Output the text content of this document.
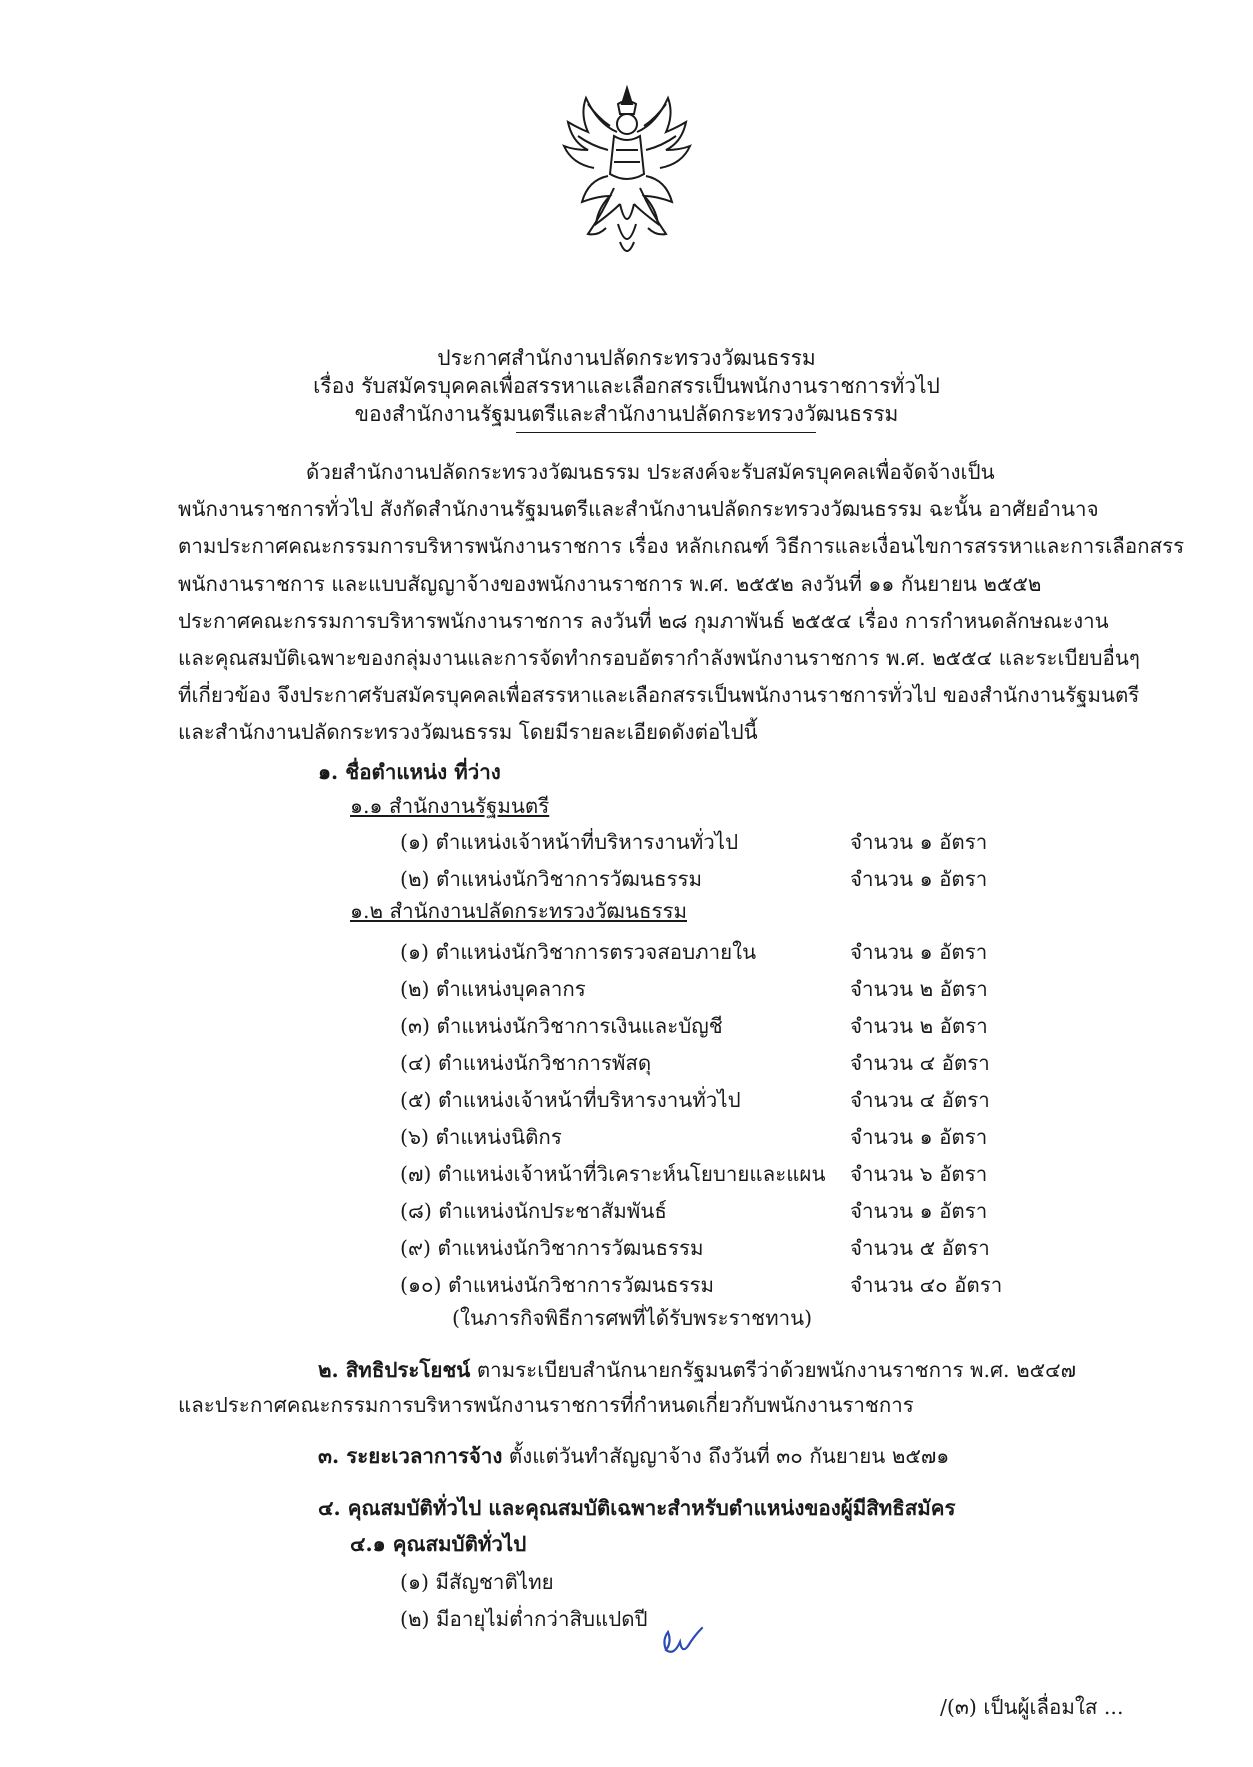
ประกาศสำนักงานปลัดกระทรวงวัฒนธรรม
เรื่อง รับสมัครบุคคลเพื่อสรรหาและเลือกสรรเป็นพนักงานราชการทั่วไป
ของสำนักงานรัฐมนตรีและสำนักงานปลัดกระทรวงวัฒนธรรม
ด้วยสำนักงานปลัดกระทรวงวัฒนธรรม ประสงค์จะรับสมัครบุคคลเพื่อจัดจ้างเป็น
พนักงานราชการทั่วไป สังกัดสำนักงานรัฐมนตรีและสำนักงานปลัดกระทรวงวัฒนธรรม ฉะนั้น อาศัยอำนาจ
ตามประกาศคณะกรรมการบริหารพนักงานราชการ เรื่อง หลักเกณฑ์ วิธีการและเงื่อนไขการสรรหาและการเลือกสรร
พนักงานราชการ และแบบสัญญาจ้างของพนักงานราชการ พ.ศ. ๒๕๕๒ ลงวันที่ ๑๑ กันยายน ๒๕๕๒
ประกาศคณะกรรมการบริหารพนักงานราชการ ลงวันที่ ๒๘ กุมภาพันธ์ ๒๕๕๔ เรื่อง การกำหนดลักษณะงาน
และคุณสมบัติเฉพาะของกลุ่มงานและการจัดทำกรอบอัตรากำลังพนักงานราชการ พ.ศ. ๒๕๕๔ และระเบียบอื่นๆ
ที่เกี่ยวข้อง จึงประกาศรับสมัครบุคคลเพื่อสรรหาและเลือกสรรเป็นพนักงานราชการทั่วไป ของสำนักงานรัฐมนตรี
และสำนักงานปลัดกระทรวงวัฒนธรรม โดยมีรายละเอียดดังต่อไปนี้
๑. ชื่อตำแหน่ง ที่ว่าง
๑.๑ สำนักงานรัฐมนตรี
(๑) ตำแหน่งเจ้าหน้าที่บริหารงานทั่วไป	จำนวน ๑ อัตรา
(๒) ตำแหน่งนักวิชาการวัฒนธรรม	จำนวน ๑ อัตรา
๑.๒ สำนักงานปลัดกระทรวงวัฒนธรรม
(๑) ตำแหน่งนักวิชาการตรวจสอบภายใน	จำนวน ๑ อัตรา
(๒) ตำแหน่งบุคลากร	จำนวน ๒ อัตรา
(๓) ตำแหน่งนักวิชาการเงินและบัญชี	จำนวน ๒ อัตรา
(๔) ตำแหน่งนักวิชาการพัสดุ	จำนวน ๔ อัตรา
(๕) ตำแหน่งเจ้าหน้าที่บริหารงานทั่วไป	จำนวน ๔ อัตรา
(๖) ตำแหน่งนิติกร	จำนวน ๑ อัตรา
(๗) ตำแหน่งเจ้าหน้าที่วิเคราะห์นโยบายและแผน จำนวน ๖ อัตรา
(๘) ตำแหน่งนักประชาสัมพันธ์	จำนวน ๑ อัตรา
(๙) ตำแหน่งนักวิชาการวัฒนธรรม	จำนวน ๕ อัตรา
(๑๐) ตำแหน่งนักวิชาการวัฒนธรรม	จำนวน ๔๐ อัตรา
(ในภารกิจพิธีการศพที่ได้รับพระราชทาน)
๒. สิทธิประโยชน์ ตามระเบียบสำนักนายกรัฐมนตรีว่าด้วยพนักงานราชการ พ.ศ. ๒๕๔๗
และประกาศคณะกรรมการบริหารพนักงานราชการที่กำหนดเกี่ยวกับพนักงานราชการ
๓. ระยะเวลาการจ้าง ตั้งแต่วันทำสัญญาจ้าง ถึงวันที่ ๓๐ กันยายน ๒๕๗๑
๔. คุณสมบัติทั่วไป และคุณสมบัติเฉพาะสำหรับตำแหน่งของผู้มีสิทธิสมัคร
๔.๑ คุณสมบัติทั่วไป
(๑) มีสัญชาติไทย
(๒) มีอายุไม่ต่ำกว่าสิบแปดปี
/(๓) เป็นผู้เลื่อมใส ...
